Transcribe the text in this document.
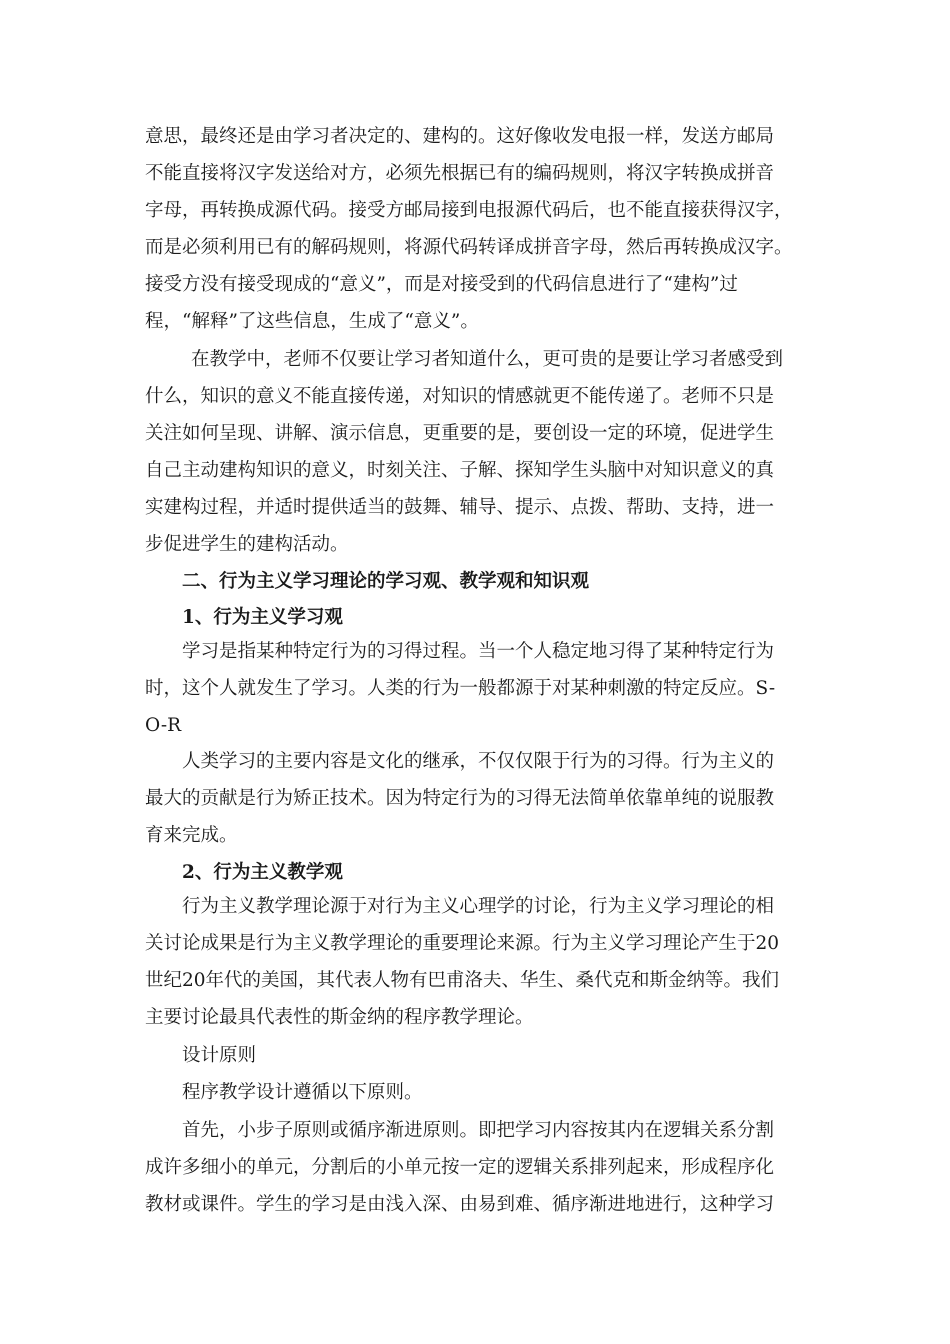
意思，最终还是由学习者决定的、建构的。这好像收发电报一样，发送方邮局
不能直接将汉字发送给对方，必须先根据已有的编码规则，将汉字转换成拼音
字母，再转换成源代码。接受方邮局接到电报源代码后，也不能直接获得汉字，
而是必须利用已有的解码规则，将源代码转译成拼音字母，然后再转换成汉字。
接受方没有接受现成的“意义”，而是对接受到的代码信息进行了“建构”过
程，“解释”了这些信息，生成了“意义”。
在教学中，老师不仅要让学习者知道什么，更可贵的是要让学习者感受到
什么，知识的意义不能直接传递，对知识的情感就更不能传递了。老师不只是
关注如何呈现、讲解、演示信息，更重要的是，要创设一定的环境，促进学生
自己主动建构知识的意义，时刻关注、子解、探知学生头脑中对知识意义的真
实建构过程，并适时提供适当的鼓舞、辅导、提示、点拨、帮助、支持，进一
步促进学生的建构活动。
二、行为主义学习理论的学习观、教学观和知识观
1、行为主义学习观
学习是指某种特定行为的习得过程。当一个人稳定地习得了某种特定行为
时，这个人就发生了学习。人类的行为一般都源于对某种刺激的特定反应。S-
O-R
人类学习的主要内容是文化的继承，不仅仅限于行为的习得。行为主义的
最大的贡献是行为矫正技术。因为特定行为的习得无法简单依靠单纯的说服教
育来完成。
2、行为主义教学观
行为主义教学理论源于对行为主义心理学的讨论，行为主义学习理论的相
关讨论成果是行为主义教学理论的重要理论来源。行为主义学习理论产生于20
世纪20年代的美国，其代表人物有巴甫洛夫、华生、桑代克和斯金纳等。我们
主要讨论最具代表性的斯金纳的程序教学理论。
设计原则
程序教学设计遵循以下原则。
首先，小步子原则或循序渐进原则。即把学习内容按其内在逻辑关系分割
成许多细小的单元，分割后的小单元按一定的逻辑关系排列起来，形成程序化
教材或课件。学生的学习是由浅入深、由易到难、循序渐进地进行，这种学习
